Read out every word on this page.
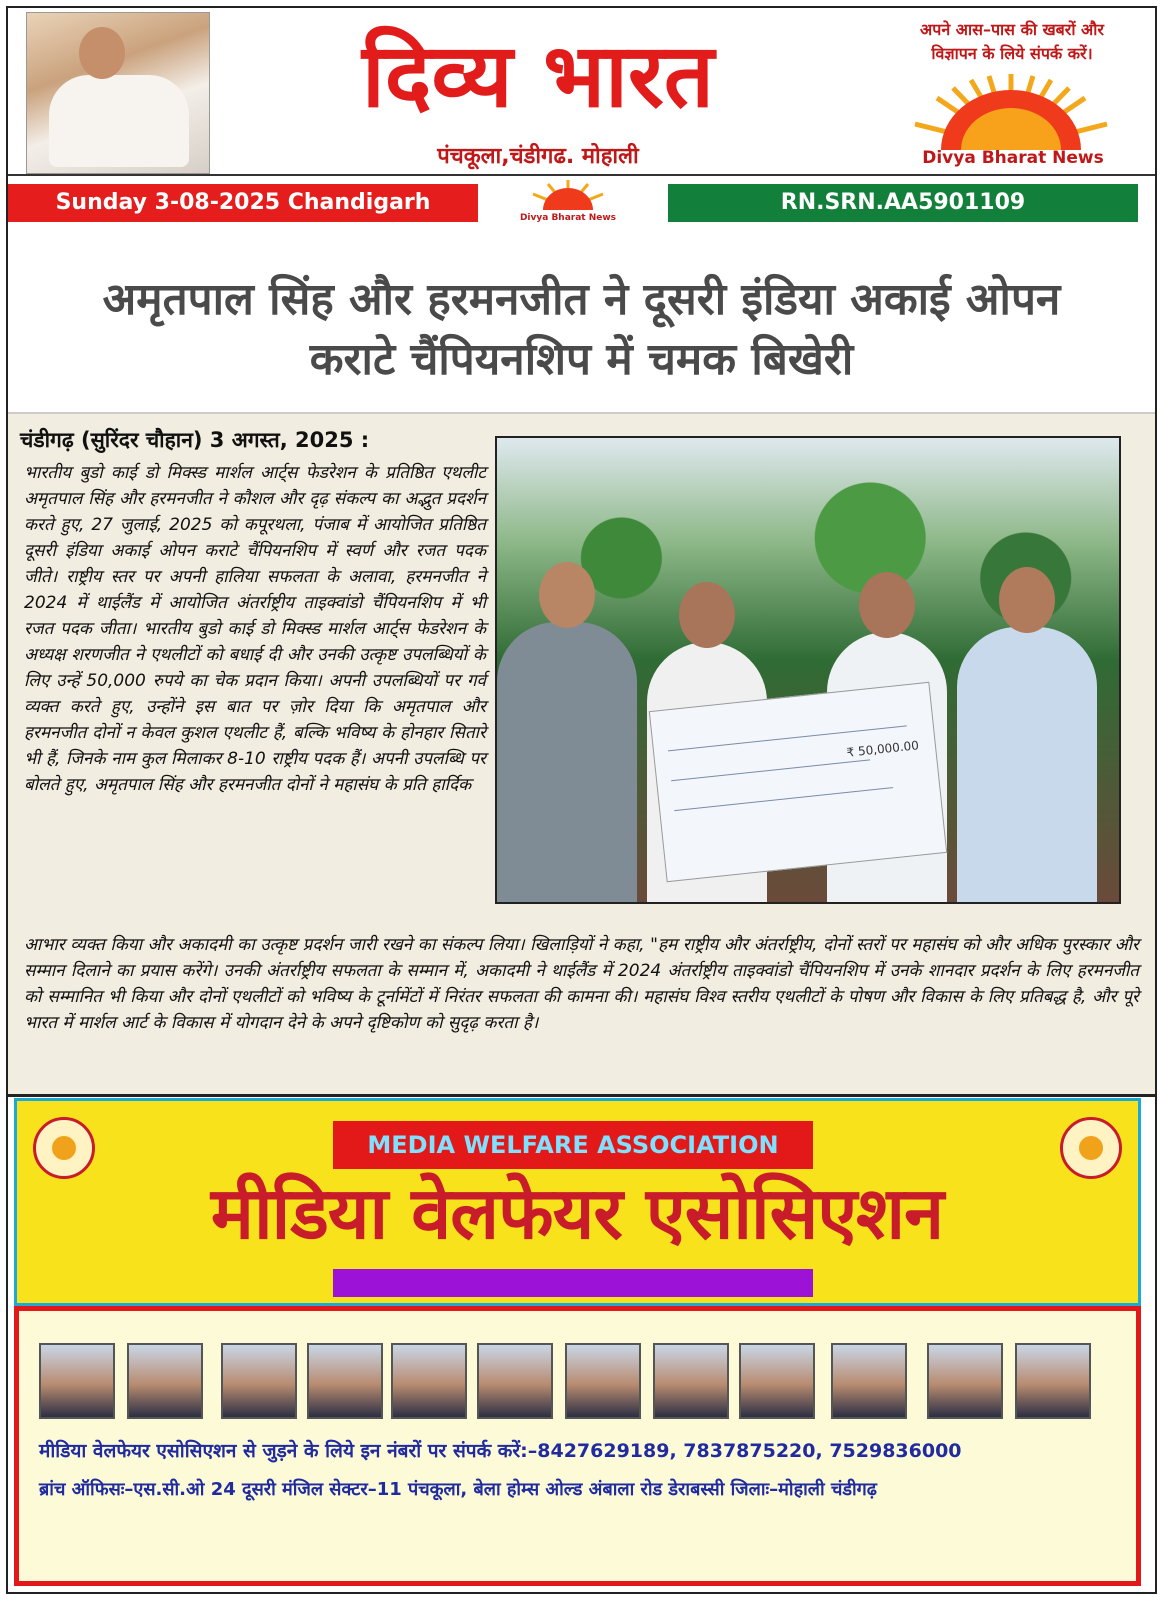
दिव्य भारत
पंचकूला,चंडीगढ. मोहाली
अपने आस–पास की खबरों और
विज्ञापन के लिये संपर्क करें।
Divya Bharat News
Sunday 3-08-2025 Chandigarh
Divya Bharat News
RN.SRN.AA5901109
अमृतपाल सिंह और हरमनजीत ने दूसरी इंडिया अकाई ओपन
कराटे चैंपियनशिप में चमक बिखेरी
चंडीगढ़ (सुरिंदर चौहान) 3 अगस्त, 2025 :
भारतीय बुडो काई डो मिक्स्ड मार्शल आर्ट्स फेडरेशन के प्रतिष्ठित एथलीट अमृतपाल सिंह और हरमनजीत ने कौशल और दृढ़ संकल्प का अद्भुत प्रदर्शन करते हुए, 27 जुलाई, 2025 को कपूरथला, पंजाब में आयोजित प्रतिष्ठित दूसरी इंडिया अकाई ओपन कराटे चैंपियनशिप में स्वर्ण और रजत पदक जीते। राष्ट्रीय स्तर पर अपनी हालिया सफलता के अलावा, हरमनजीत ने 2024 में थाईलैंड में आयोजित अंतर्राष्ट्रीय ताइक्वांडो चैंपियनशिप में भी रजत पदक जीता। भारतीय बुडो काई डो मिक्स्ड मार्शल आर्ट्स फेडरेशन के अध्यक्ष शरणजीत ने एथलीटों को बधाई दी और उनकी उत्कृष्ट उपलब्धियों के लिए उन्हें 50,000 रुपये का चेक प्रदान किया। अपनी उपलब्धियों पर गर्व व्यक्त करते हुए, उन्होंने इस बात पर ज़ोर दिया कि अमृतपाल और हरमनजीत दोनों न केवल कुशल एथलीट हैं, बल्कि भविष्य के होनहार सितारे भी हैं, जिनके नाम कुल मिलाकर 8-10 राष्ट्रीय पदक हैं। अपनी उपलब्धि पर बोलते हुए, अमृतपाल सिंह और हरमनजीत दोनों ने महासंघ के प्रति हार्दिक
₹ 50,000.00
आभार व्यक्त किया और अकादमी का उत्कृष्ट प्रदर्शन जारी रखने का संकल्प लिया। खिलाड़ियों ने कहा, "हम राष्ट्रीय और अंतर्राष्ट्रीय, दोनों स्तरों पर महासंघ को और अधिक पुरस्कार और सम्मान दिलाने का प्रयास करेंगे। उनकी अंतर्राष्ट्रीय सफलता के सम्मान में, अकादमी ने थाईलैंड में 2024 अंतर्राष्ट्रीय ताइक्वांडो चैंपियनशिप में उनके शानदार प्रदर्शन के लिए हरमनजीत को सम्मानित भी किया और दोनों एथलीटों को भविष्य के टूर्नामेंटों में निरंतर सफलता की कामना की। महासंघ विश्व स्तरीय एथलीटों के पोषण और विकास के लिए प्रतिबद्ध है, और पूरे भारत में मार्शल आर्ट के विकास में योगदान देने के अपने दृष्टिकोण को सुदृढ़ करता है।
MEDIA WELFARE ASSOCIATION
मीडिया वेलफेयर एसोसिएशन
मीडिया वेलफेयर एसोसिएशन से जुड़ने के लिये इन नंबरों पर संपर्क करें:–8427629189, 7837875220, 7529836000
ब्रांच ऑफिसः–एस.सी.ओ 24 दूसरी मंजिल सेक्टर–11 पंचकूला, बेला होम्स ओल्ड अंबाला रोड डेराबस्सी जिलाः–मोहाली चंडीगढ़
